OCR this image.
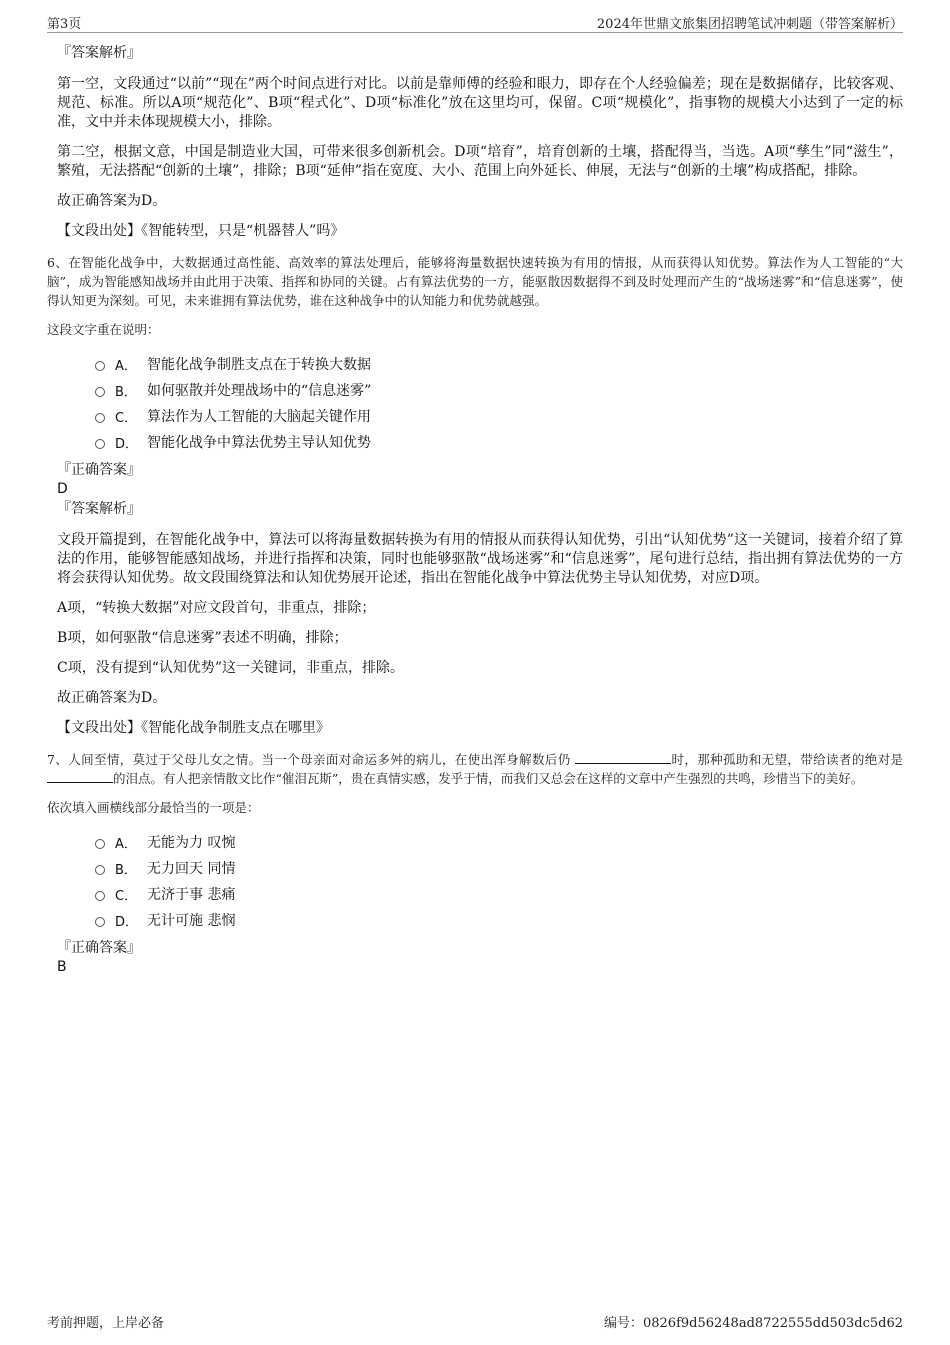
第3页	2024年世鼎文旅集团招聘笔试冲刺题（带答案解析）
『答案解析』
第一空，文段通过“以前”“现在”两个时间点进行对比。以前是靠师傅的经验和眼力，即存在个人经验偏差；现在是数据储存，比较客观、规范、标准。所以A项“规范化”、B项“程式化”、D项“标准化”放在这里均可，保留。C项“规模化”，指事物的规模大小达到了一定的标准，文中并未体现规模大小，排除。
第二空，根据文意，中国是制造业大国，可带来很多创新机会。D项“培育”，培育创新的土壤，搭配得当，当选。A项“孳生”同“滋生”，繁殖，无法搭配“创新的土壤”，排除；B项“延伸”指在宽度、大小、范围上向外延长、伸展，无法与“创新的土壤”构成搭配，排除。
故正确答案为D。
【文段出处】《智能转型，只是“机器替人”吗》
6、在智能化战争中，大数据通过高性能、高效率的算法处理后，能够将海量数据快速转换为有用的情报，从而获得认知优势。算法作为人工智能的“大脑”，成为智能感知战场并由此用于决策、指挥和协同的关键。占有算法优势的一方，能驱散因数据得不到及时处理而产生的“战场迷雾”和“信息迷雾”，使得认知更为深刻。可见，未来谁拥有算法优势，谁在这种战争中的认知能力和优势就越强。
这段文字重在说明：
A． 智能化战争制胜支点在于转换大数据
B． 如何驱散并处理战场中的“信息迷雾”
C． 算法作为人工智能的大脑起关键作用
D． 智能化战争中算法优势主导认知优势
『正确答案』
D
『答案解析』
文段开篇提到，在智能化战争中，算法可以将海量数据转换为有用的情报从而获得认知优势，引出“认知优势”这一关键词，接着介绍了算法的作用，能够智能感知战场，并进行指挥和决策，同时也能够驱散“战场迷雾”和“信息迷雾”，尾句进行总结，指出拥有算法优势的一方将会获得认知优势。故文段围绕算法和认知优势展开论述，指出在智能化战争中算法优势主导认知优势，对应D项。
A项，“转换大数据”对应文段首句，非重点，排除；
B项，如何驱散“信息迷雾”表述不明确，排除；
C项，没有提到“认知优势”这一关键词，非重点，排除。
故正确答案为D。
【文段出处】《智能化战争制胜支点在哪里》
7、人间至情，莫过于父母儿女之情。当一个母亲面对命运多舛的病儿，在使出浑身解数后仍	时，那种孤助和无望，带给读者的绝对是 的泪点。有人把亲情散文比作“催泪瓦斯”，贵在真情实感，发乎于情，而我们又总会在这样的文章中产生强烈的共鸣，珍惜当下的美好。
依次填入画横线部分最恰当的一项是：
A． 无能为力 叹惋
B． 无力回天 同情
C． 无济于事 悲痛
D． 无计可施 悲悯
『正确答案』
B
考前押题，上岸必备	编号：0826f9d56248ad8722555dd503dc5d62
